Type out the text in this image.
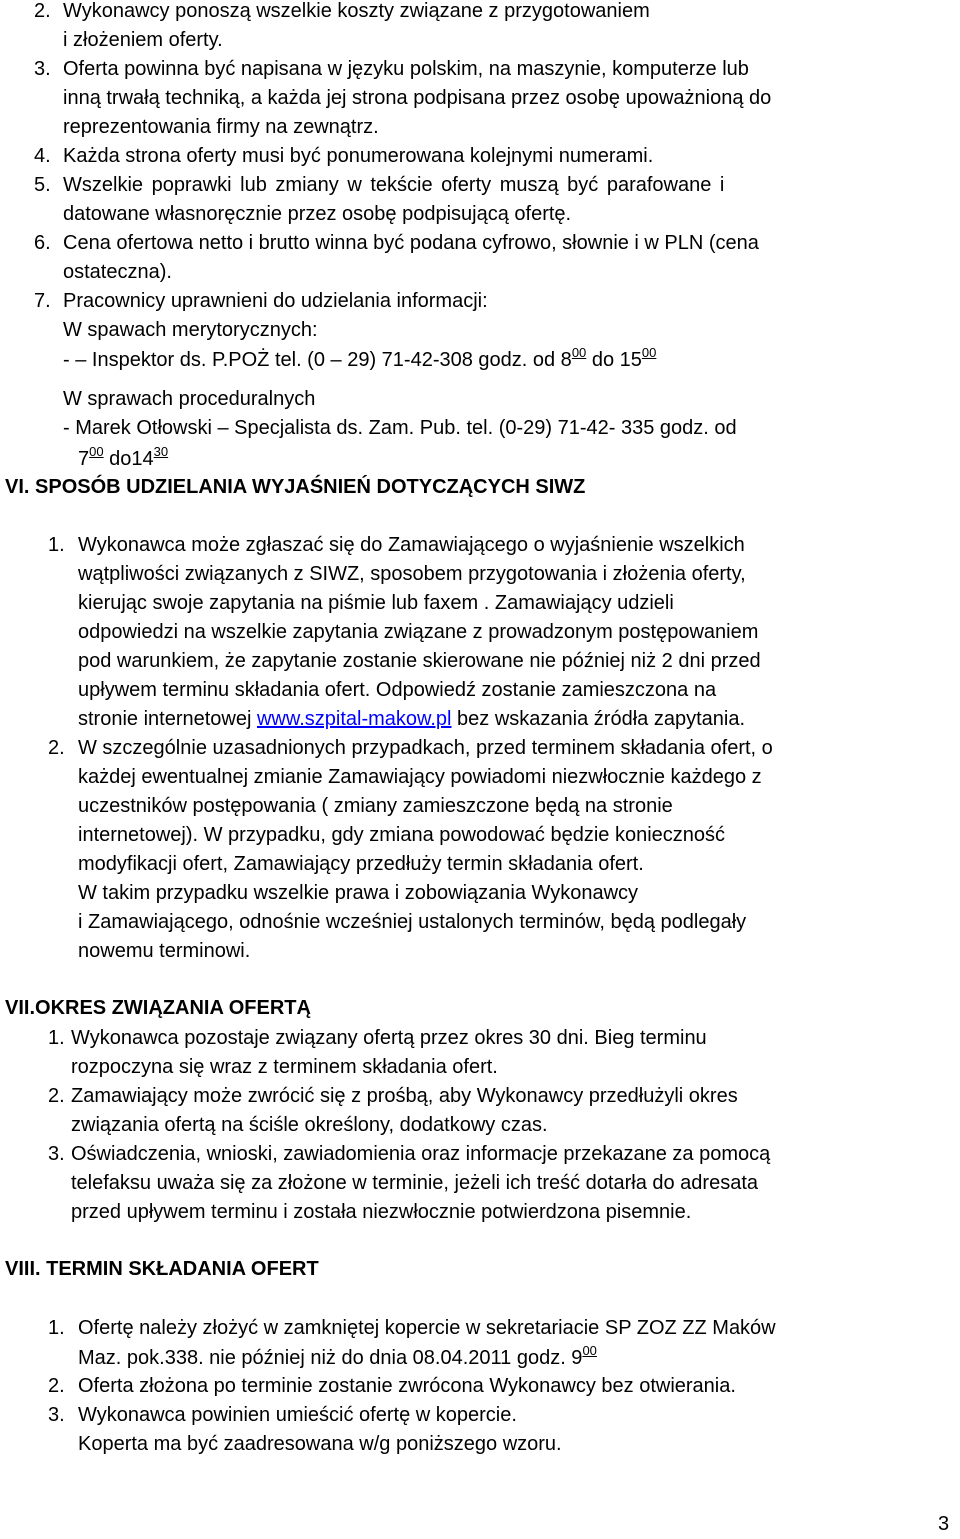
2. Wykonawcy ponoszą wszelkie koszty związane z przygotowaniem
i złożeniem oferty.
3. Oferta powinna być napisana w języku polskim, na maszynie, komputerze lub
inną trwałą techniką, a każda jej strona podpisana przez osobę upoważnioną do
reprezentowania firmy na zewnątrz.
4. Każda strona oferty musi być ponumerowana kolejnymi numerami.
5. Wszelkie poprawki lub zmiany w tekście oferty muszą być parafowane i
datowane własnoręcznie przez osobę podpisującą ofertę.
6. Cena ofertowa netto i brutto winna być podana cyfrowo, słownie i w PLN (cena
ostateczna).
7. Pracownicy uprawnieni do udzielania informacji:
W spawach merytorycznych:
- – Inspektor ds. P.POŻ tel. (0 – 29) 71-42-308 godz. od $8^{00}$ do $15^{00}$
W sprawach proceduralnych
- Marek Otłowski – Specjalista ds. Zam. Pub. tel. (0-29) 71-42- 335 godz. od
$7^{00}$ $do14^{30}$
VI. SPOSÓB UDZIELANIA WYJAŚNIEŃ DOTYCZĄCYCH SIWZ
1. Wykonawca może zgłaszać się do Zamawiającego o wyjaśnienie wszelkich
wątpliwości związanych z SIWZ, sposobem przygotowania i złożenia oferty,
kierując swoje zapytania na piśmie lub faxem . Zamawiający udzieli
odpowiedzi na wszelkie zapytania związane z prowadzonym postępowaniem
pod warunkiem, że zapytanie zostanie skierowane nie później niż 2 dni przed
upływem terminu składania ofert. Odpowiedź zostanie zamieszczona na
stronie internetowej www.szpital-makow.pl bez wskazania źródła zapytania.
2. W szczególnie uzasadnionych przypadkach, przed terminem składania ofert, o
każdej ewentualnej zmianie Zamawiający powiadomi niezwłocznie każdego z
uczestników postępowania ( zmiany zamieszczone będą na stronie
internetowej). W przypadku, gdy zmiana powodować będzie konieczność
modyfikacji ofert, Zamawiający przedłuży termin składania ofert.
W takim przypadku wszelkie prawa i zobowiązania Wykonawcy
i Zamawiającego, odnośnie wcześniej ustalonych terminów, będą podlegały
nowemu terminowi.
VII.OKRES ZWIĄZANIA OFERTĄ
1. Wykonawca pozostaje związany ofertą przez okres 30 dni. Bieg terminu
rozpoczyna się wraz z terminem składania ofert.
2. Zamawiający może zwrócić się z prośbą, aby Wykonawcy przedłużyli okres
związania ofertą na ściśle określony, dodatkowy czas.
3. Oświadczenia, wnioski, zawiadomienia oraz informacje przekazane za pomocą
telefaksu uważa się za złożone w terminie, jeżeli ich treść dotarła do adresata
przed upływem terminu i została niezwłocznie potwierdzona pisemnie.
VIII. TERMIN SKŁADANIA OFERT
1. Ofertę należy złożyć w zamkniętej kopercie w sekretariacie SP ZOZ ZZ Maków
Maz. pok.338. nie później niż do dnia 08.04.2011 godz. $9^{00}$
2. Oferta złożona po terminie zostanie zwrócona Wykonawcy bez otwierania.
3. Wykonawca powinien umieścić ofertę w kopercie.
Koperta ma być zaadresowana w/g poniższego wzoru.
3
